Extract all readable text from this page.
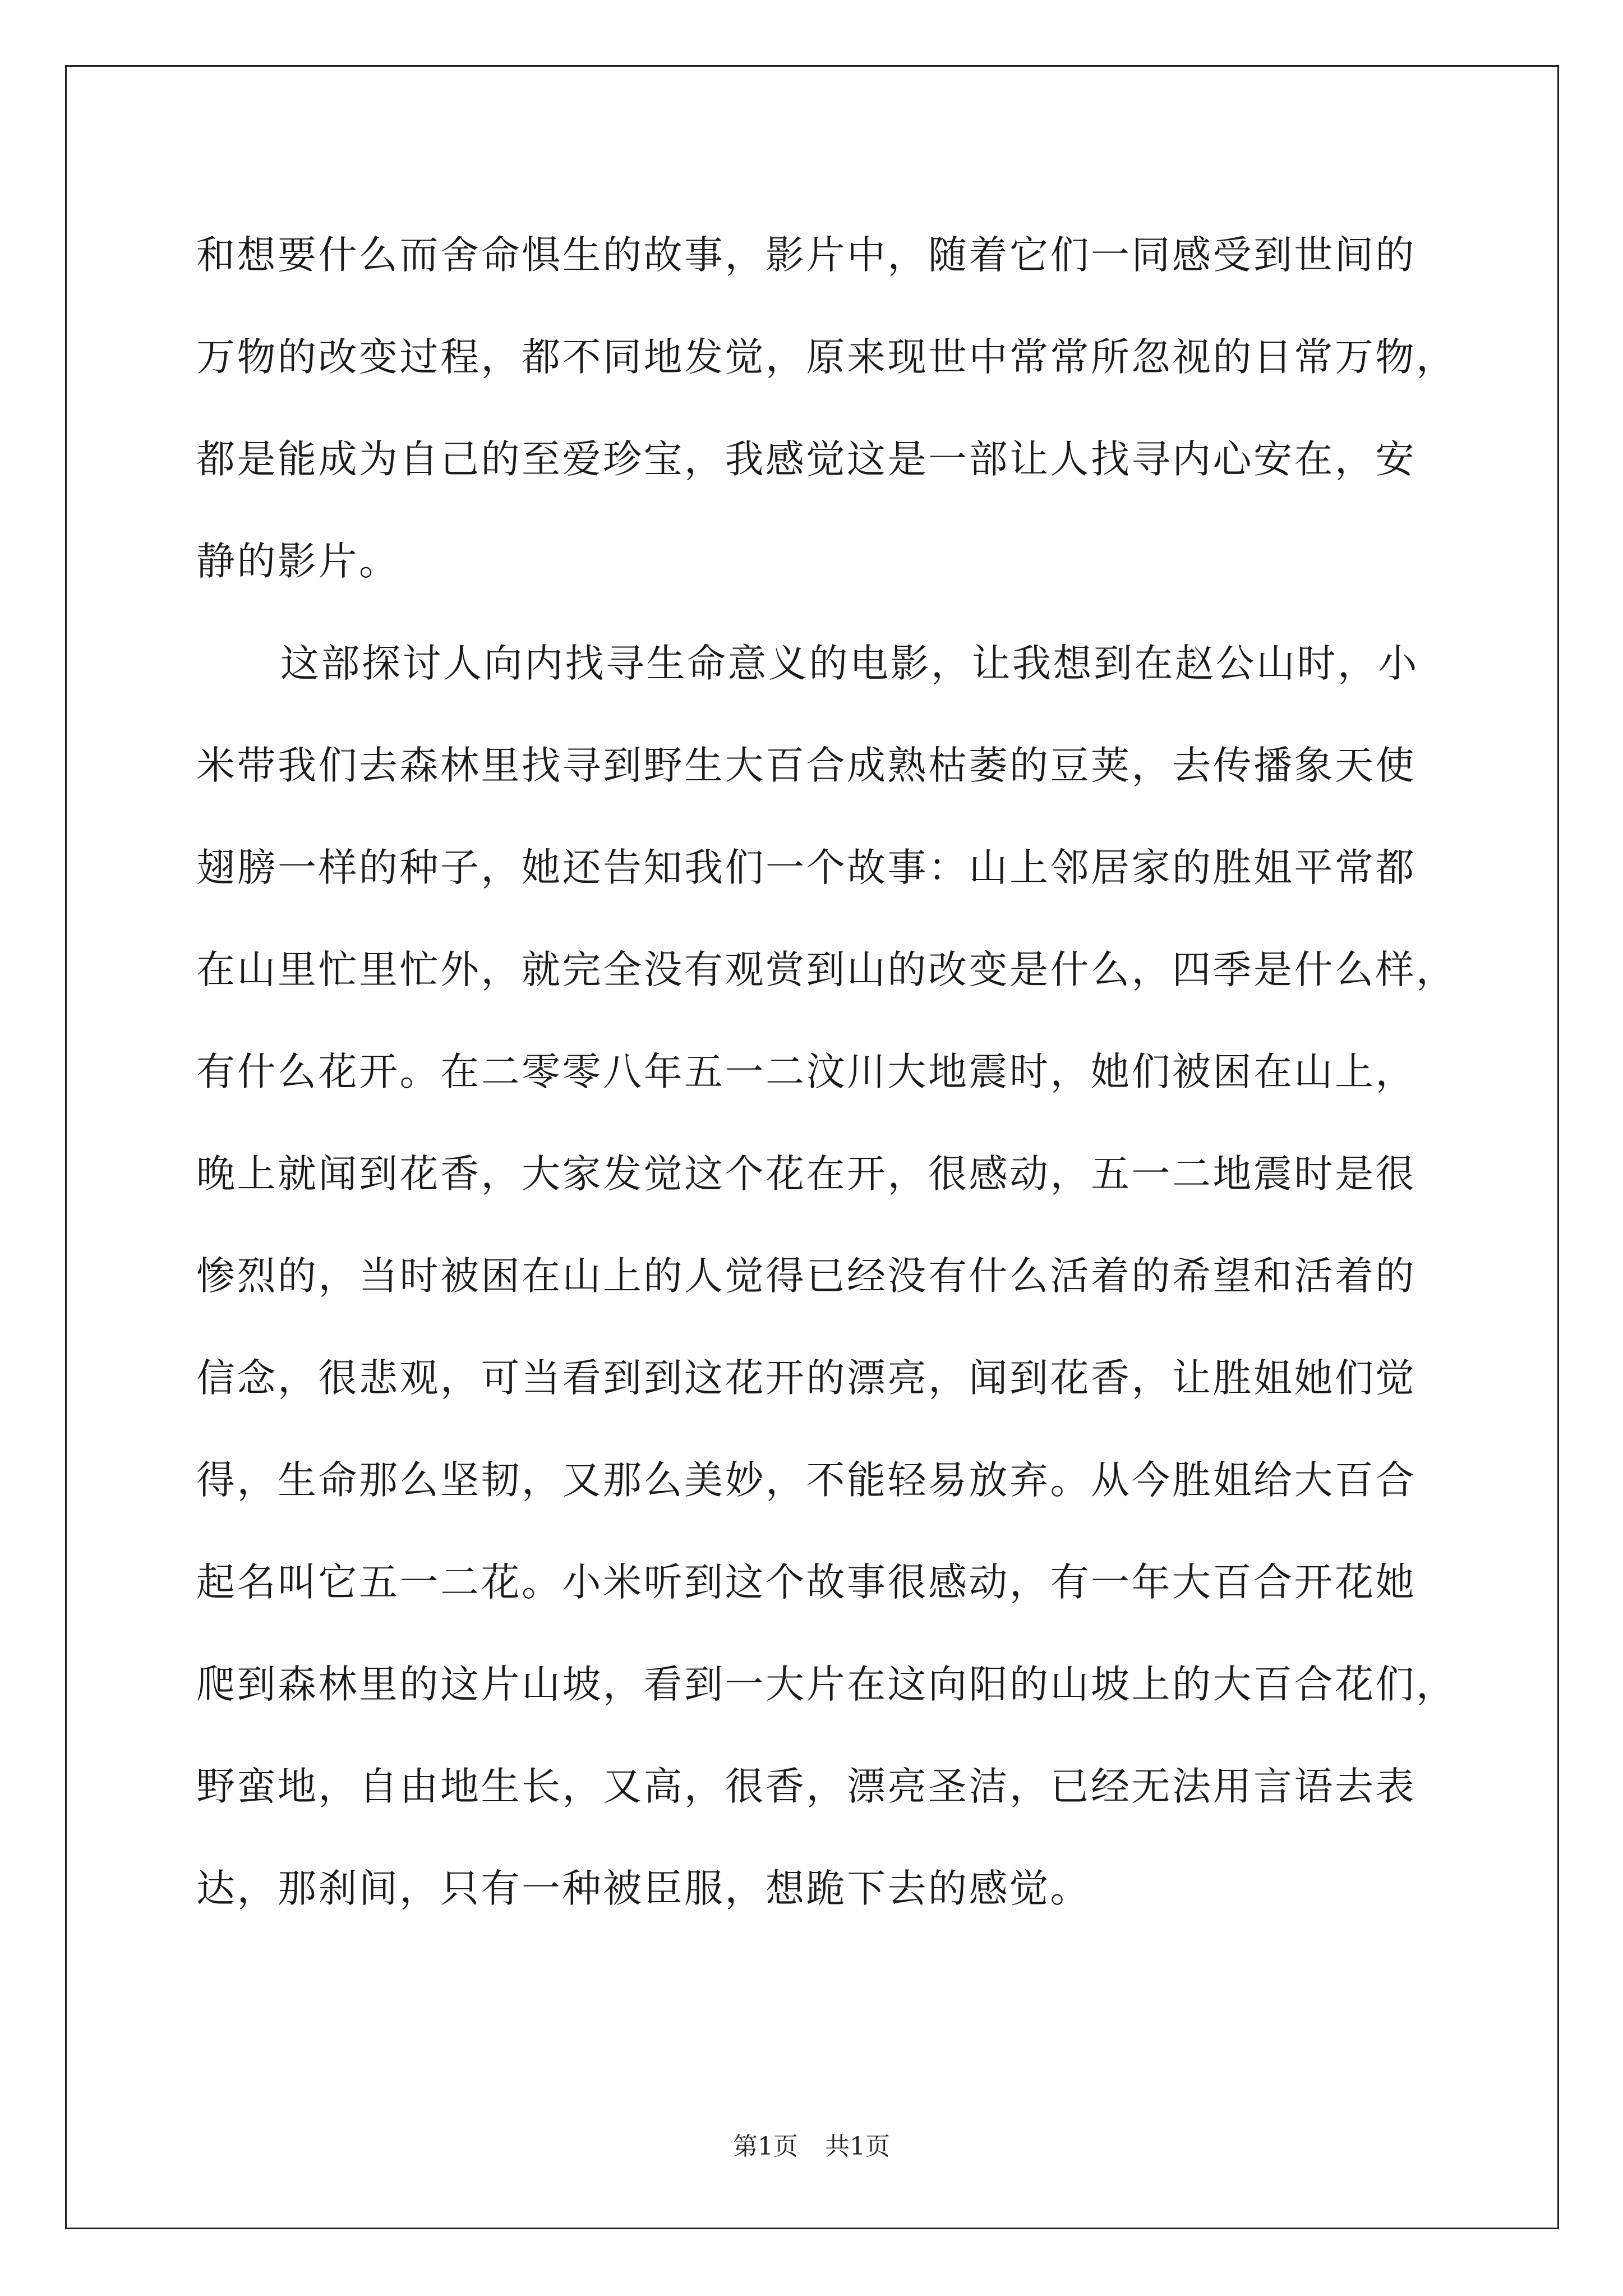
和想要什么而舍命惧生的故事，影片中，随着它们一同感受到世间的
万物的改变过程，都不同地发觉，原来现世中常常所忽视的日常万物，
都是能成为自己的至爱珍宝，我感觉这是一部让人找寻内心安在，安
静的影片。
这部探讨人向内找寻生命意义的电影，让我想到在赵公山时，小
米带我们去森林里找寻到野生大百合成熟枯萎的豆荚，去传播象天使
翅膀一样的种子，她还告知我们一个故事：山上邻居家的胜姐平常都
在山里忙里忙外，就完全没有观赏到山的改变是什么，四季是什么样，
有什么花开。在二零零八年五一二汶川大地震时，她们被困在山上，
晚上就闻到花香，大家发觉这个花在开，很感动，五一二地震时是很
惨烈的，当时被困在山上的人觉得已经没有什么活着的希望和活着的
信念，很悲观，可当看到到这花开的漂亮，闻到花香，让胜姐她们觉
得，生命那么坚韧，又那么美妙，不能轻易放弃。从今胜姐给大百合
起名叫它五一二花。小米听到这个故事很感动，有一年大百合开花她
爬到森林里的这片山坡，看到一大片在这向阳的山坡上的大百合花们，
野蛮地，自由地生长，又高，很香，漂亮圣洁，已经无法用言语去表
达，那刹间，只有一种被臣服，想跪下去的感觉。
第1页 共1页
